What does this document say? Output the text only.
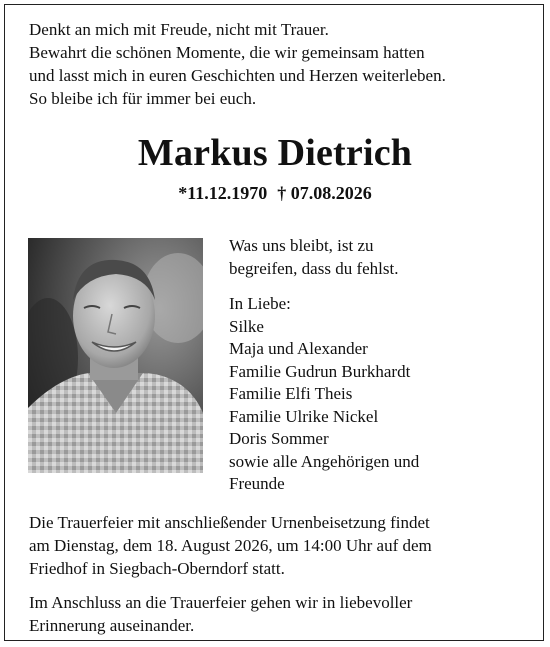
Denkt an mich mit Freude, nicht mit Trauer.
Bewahrt die schönen Momente, die wir gemeinsam hatten
und lasst mich in euren Geschichten und Herzen weiterleben.
So bleibe ich für immer bei euch.
Markus Dietrich
*11.12.1970 † 07.08.2026
Was uns bleibt, ist zu
begreifen, dass du fehlst.
In Liebe:
Silke
Maja und Alexander
Familie Gudrun Burkhardt
Familie Elfi Theis
Familie Ulrike Nickel
Doris Sommer
sowie alle Angehörigen und
Freunde
Die Trauerfeier mit anschließender Urnenbeisetzung findet
am Dienstag, dem 18. August 2026, um 14:00 Uhr auf dem
Friedhof in Siegbach-Oberndorf statt.
Im Anschluss an die Trauerfeier gehen wir in liebevoller
Erinnerung auseinander.
